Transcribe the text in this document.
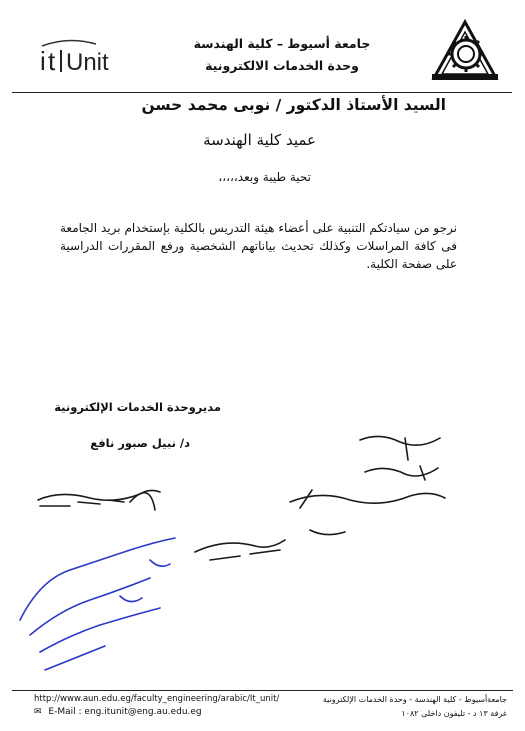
i t Unit
جامعة أسيوط – كلية الهندسة
وحدة الخدمات الالكترونية
السيد الأستاذ الدكتور / نوبى محمد حسن
عميد كلية الهندسة
تحية طيبة وبعد،،،،،
نرجو من سيادتكم التنبية على أعضاء هيئة التدريس بالكلية بإستخدام بريد الجامعة فى كافة المراسلات وكذلك تحديث بياناتهم الشخصية ورفع المقررات الدراسية على صفحة الكلية.
مديروحدة الخدمات الإلكترونية
د/ نبيل صبور نافع
http://www.aun.edu.eg/faculty_engineering/arabic/It_unit/
✉ E-Mail : eng.itunit@eng.au.edu.eg
جامعةأسيوط - كلية الهندسة - وحدة الخدمات الإلكترونية
غرفة ١٣ د - تليفون داخلى ١٠٨٢
